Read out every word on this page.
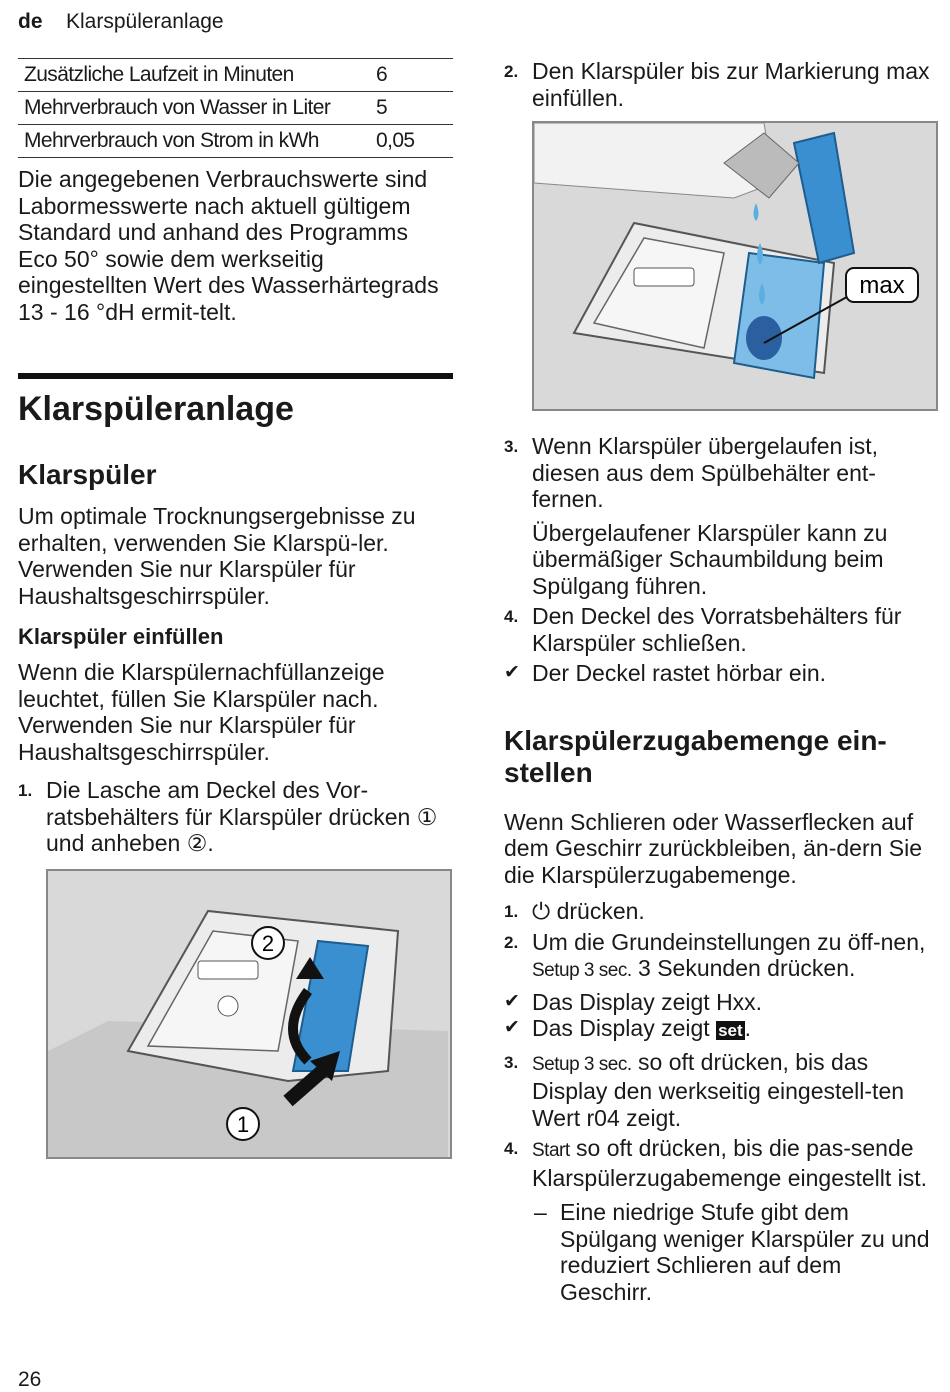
de Klarspüleranlage
Zusätzliche Laufzeit in Minuten	6
Mehrverbrauch von Wasser in Liter	5
Mehrverbrauch von Strom in kWh	0,05

Die angegebenen Verbrauchswerte sind Labormesswerte nach aktuell gültigem Standard und anhand des Programms Eco 50° sowie dem werkseitig eingestellten Wert des Wasserhärtegrads 13 - 16 °dH ermit-telt.

Klarspüleranlage
Klarspüler

Um optimale Trocknungsergebnisse zu erhalten, verwenden Sie Klarspü-ler.

Verwenden Sie nur Klarspüler für Haushaltsgeschirrspüler.

Klarspüler einfüllen

Wenn die Klarspülernachfüllanzeige leuchtet, füllen Sie Klarspüler nach.

Verwenden Sie nur Klarspüler für Haushaltsgeschirrspüler.

1. Die Lasche am Deckel des Vor-ratsbehälters für Klarspüler drücken ① und anheben ②.
1
2
2. Den Klarspüler bis zur Markierung max einfüllen.
max
3. Wenn Klarspüler übergelaufen ist, diesen aus dem Spülbehälter ent-fernen.
Übergelaufener Klarspüler kann zu übermäßiger Schaumbildung beim Spülgang führen.
4. Den Deckel des Vorratsbehälters für Klarspüler schließen.
✔ Der Deckel rastet hörbar ein.
Klarspülerzugabemenge ein-stellen

Wenn Schlieren oder Wasserflecken auf dem Geschirr zurückbleiben, än-dern Sie die Klarspülerzugabemenge.

1. ⏻ drücken.
2. Um die Grundeinstellungen zu öff-nen, Setup 3 sec. 3 Sekunden drücken.
✔ Das Display zeigt Hxx.
✔ Das Display zeigt set.
3. Setup 3 sec. so oft drücken, bis das Display den werkseitig eingestell-ten Wert r04 zeigt.
4. Start so oft drücken, bis die pas-sende Klarspülerzugabemenge eingestellt ist.
– Eine niedrige Stufe gibt dem Spülgang weniger Klarspüler zu und reduziert Schlieren auf dem Geschirr.
26
